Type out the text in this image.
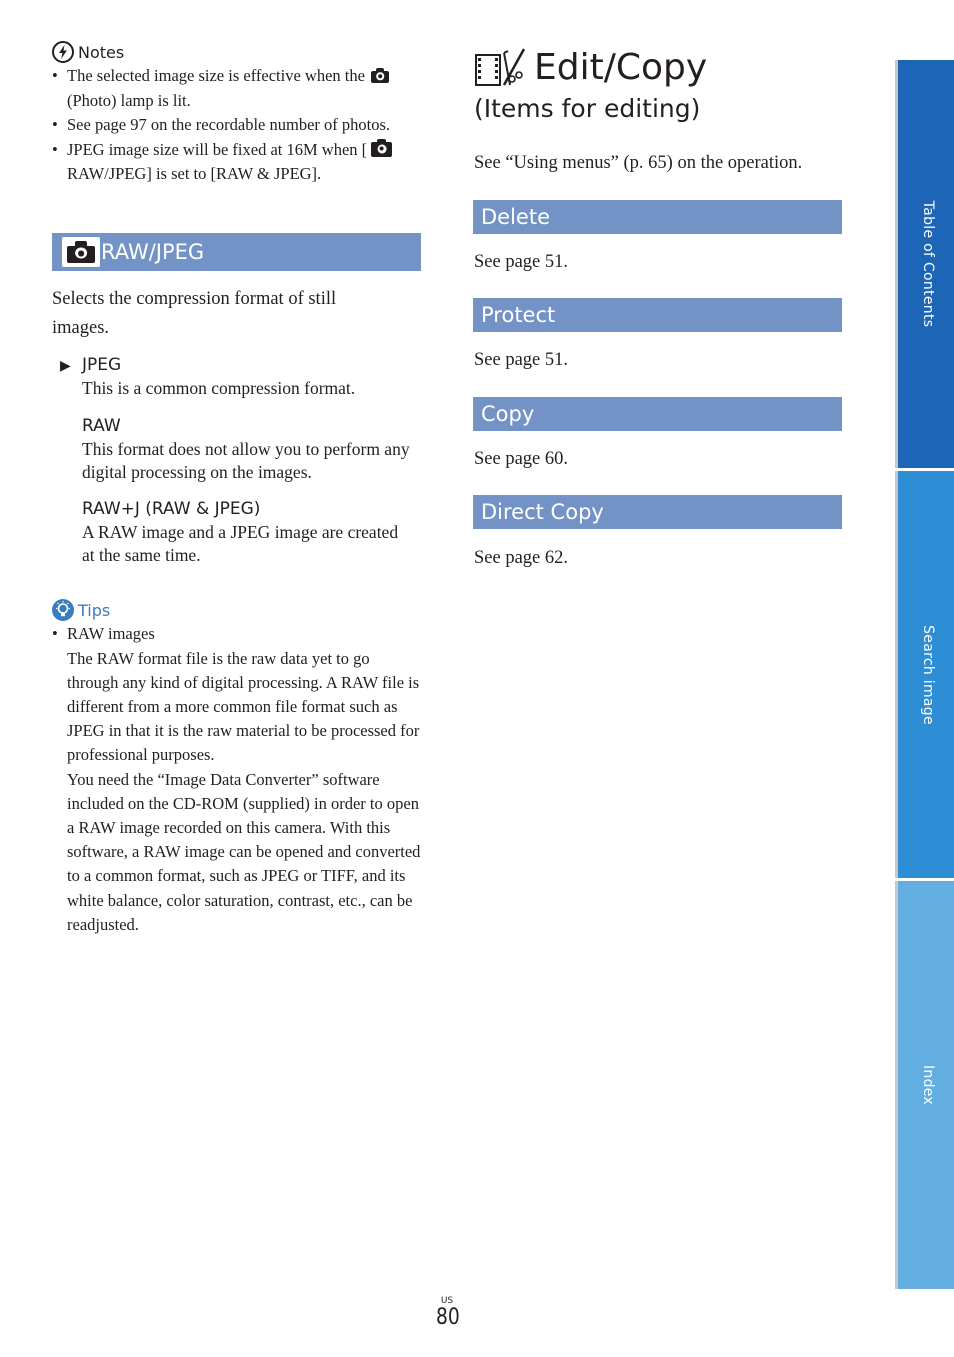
Notes
• The selected image size is effective when the
(Photo) lamp is lit.
• See page 97 on the recordable number of photos.
• JPEG image size will be fixed at 16M when [
RAW/JPEG] is set to [RAW & JPEG].
RAW/JPEG
Selects the compression format of still images.
▶ JPEG
This is a common compression format.
RAW
This format does not allow you to perform any digital processing on the images.
RAW+J (RAW & JPEG)
A RAW image and a JPEG image are created at the same time.
Tips
• RAW images
The RAW format file is the raw data yet to go through any kind of digital processing. A RAW file is different from a more common file format such as JPEG in that it is the raw material to be processed for professional purposes.
You need the “Image Data Converter” software included on the CD-ROM (supplied) in order to open a RAW image recorded on this camera. With this software, a RAW image can be opened and converted to a common format, such as JPEG or TIFF, and its white balance, color saturation, contrast, etc., can be readjusted.
Edit/Copy
(Items for editing)
See “Using menus” (p. 65) on the operation.
Delete
See page 51.
Protect
See page 51.
Copy
See page 60.
Direct Copy
See page 62.
Table of Contents
Search image
Index
US
80
